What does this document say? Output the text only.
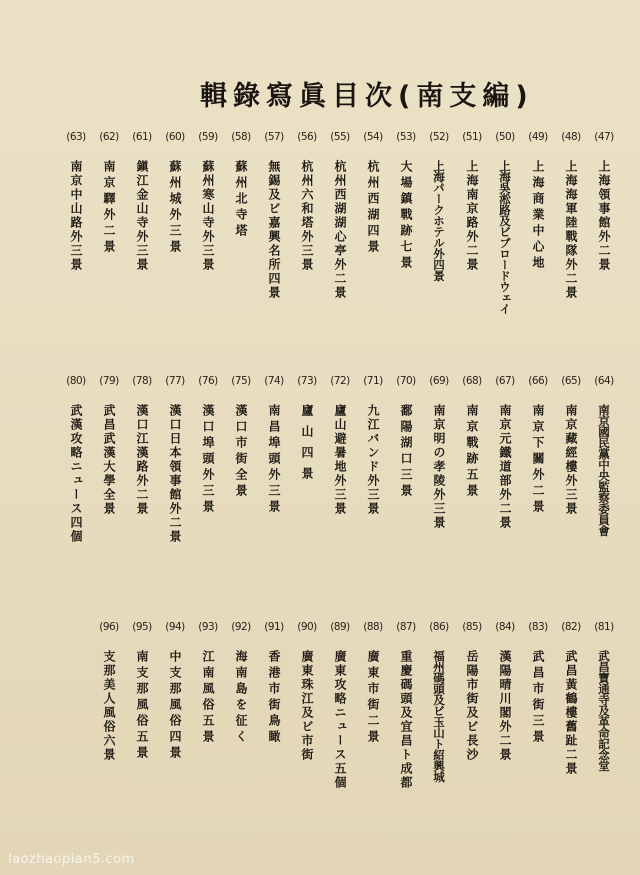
輯錄寫眞目次(南支編)
(47)
上海領事館外二景
(48)
上海海軍陸戰隊外二景
(49)
上海商業中心地
(50)
上海吳淞路及ビブロードウェイ
(51)
上海南京路外二景
(52)
上海パークホテル外四景
(53)
大場鎮戰跡七景
(54)
杭州西湖四景
(55)
杭州西湖湖心亭外二景
(56)
杭州六和塔外三景
(57)
無錫及ビ嘉興名所四景
(58)
蘇州北寺塔
(59)
蘇州寒山寺外三景
(60)
蘇州城外三景
(61)
鎭江金山寺外三景
(62)
南京驛外二景
(63)
南京中山路外三景
(64)
南京國民黨中央監察委員會
(65)
南京藏經樓外三景
(66)
南京下關外二景
(67)
南京元鐵道部外二景
(68)
南京戰跡五景
(69)
南京明の孝陵外三景
(70)
鄱陽湖口三景
(71)
九江バンド外三景
(72)
廬山避暑地外三景
(73)
廬山四景
(74)
南昌埠頭外三景
(75)
漢口市街全景
(76)
漢口埠頭外三景
(77)
漢口日本領事館外二景
(78)
漢口江漢路外二景
(79)
武昌武漢大學全景
(80)
武漢攻略ニュース四個
(81)
武昌寶通寺及革命記念堂
(82)
武昌黃鶴樓舊趾二景
(83)
武昌市街三景
(84)
漢陽晴川閣外二景
(85)
岳陽市街及ビ長沙
(86)
福州碼頭及ビ玉山ト紹興城
(87)
重慶碼頭及宜昌ト成都
(88)
廣東市街二景
(89)
廣東攻略ニュース五個
(90)
廣東珠江及ビ市街
(91)
香港市街鳥瞰
(92)
海南島を征く
(93)
江南風俗五景
(94)
中支那風俗四景
(95)
南支那風俗五景
(96)
支那美人風俗六景
laozhaopian5.com
